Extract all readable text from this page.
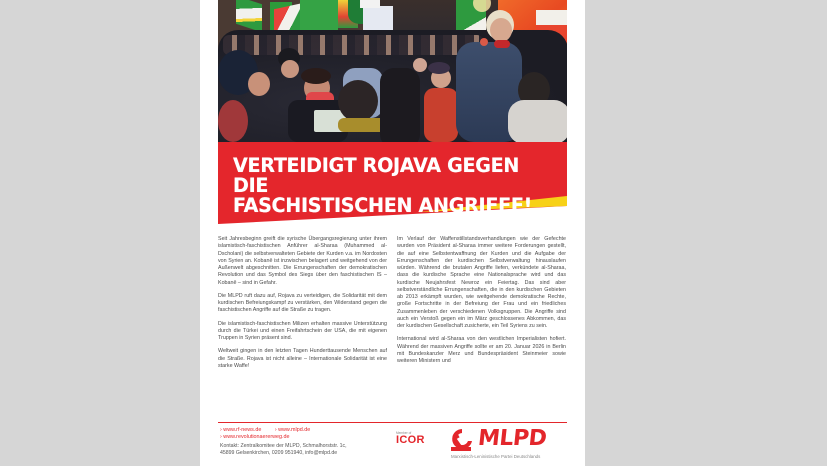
VERTEIDIGT ROJAVA GEGEN DIE
FASCHISTISCHEN ANGRIFFE!

Seit Jahresbeginn greift die syrische Übergangsregierung unter ihrem islamistisch-faschistischen Anführer al-Sharaa (Muhammed al-Dscholani) die selbstverwalteten Gebiete der Kurden v.a. im Nordosten von Syrien an. Kobanê ist inzwischen belagert und weitgehend von der Außenwelt abgeschnitten. Die Errungenschaften der demokratischen Revolution und das Symbol des Siegs über den faschistischen IS – Kobanê – sind in Gefahr.

Die MLPD ruft dazu auf, Rojava zu verteidigen, die Solidarität mit dem kurdischen Befreiungskampf zu verstärken, den Widerstand gegen die faschistischen Angriffe auf die Straße zu tragen.

Die islamistisch-faschistischen Milizen erhalten massive Unterstützung durch die Türkei und einen Freifahrtschein der USA, die mit eigenen Truppen in Syrien präsent sind.

Weltweit gingen in den letzten Tagen Hunderttausende Menschen auf die Straße. Rojava ist nicht alleine – Internationale Solidarität ist eine starke Waffe!

Im Verlauf der Waffenstillstandsverhandlungen wie der Gefechte wurden von Präsident al-Sharaa immer weitere Forderungen gestellt, die auf eine Selbstentwaffnung der Kurden und die Aufgabe der Errungenschaften der kurdischen Selbstverwaltung hinauslaufen würden. Während die brutalen Angriffe liefen, verkündete al-Sharaa, dass die kurdische Sprache eine Nationalsprache wird und das kurdische Neujahrsfest Newroz ein Feiertag. Das sind aber selbstverständliche Errungenschaften, die in den kurdischen Gebieten ab 2013 erkämpft wurden, wie weitgehende demokratische Rechte, große Fortschritte in der Befreiung der Frau und ein friedliches Zusammenleben der verschiedenen Volksgruppen. Die Angriffe sind auch ein Verstoß gegen ein im März geschlossenes Abkommen, das der kurdischen Gesellschaft zusicherte, ein Teil Syriens zu sein.

International wird al-Sharaa von den westlichen Imperialisten hofiert. Während der massiven Angriffe sollte er am 20. Januar 2026 in Berlin mit Bundeskanzler Merz und Bundespräsident Steinmeier sowie weiteren Ministern und

› www.rf-news.de	› www.mlpd.de
› www.revolutionaererweg.de
Kontakt: Zentralkomitee der MLPD, Schmalhorststr. 1c,
45899 Gelsenkirchen, 0209 951940, info@mlpd.de
Member of
ICOR MLPD
Marxistisch-Leninistische Partei Deutschlands
